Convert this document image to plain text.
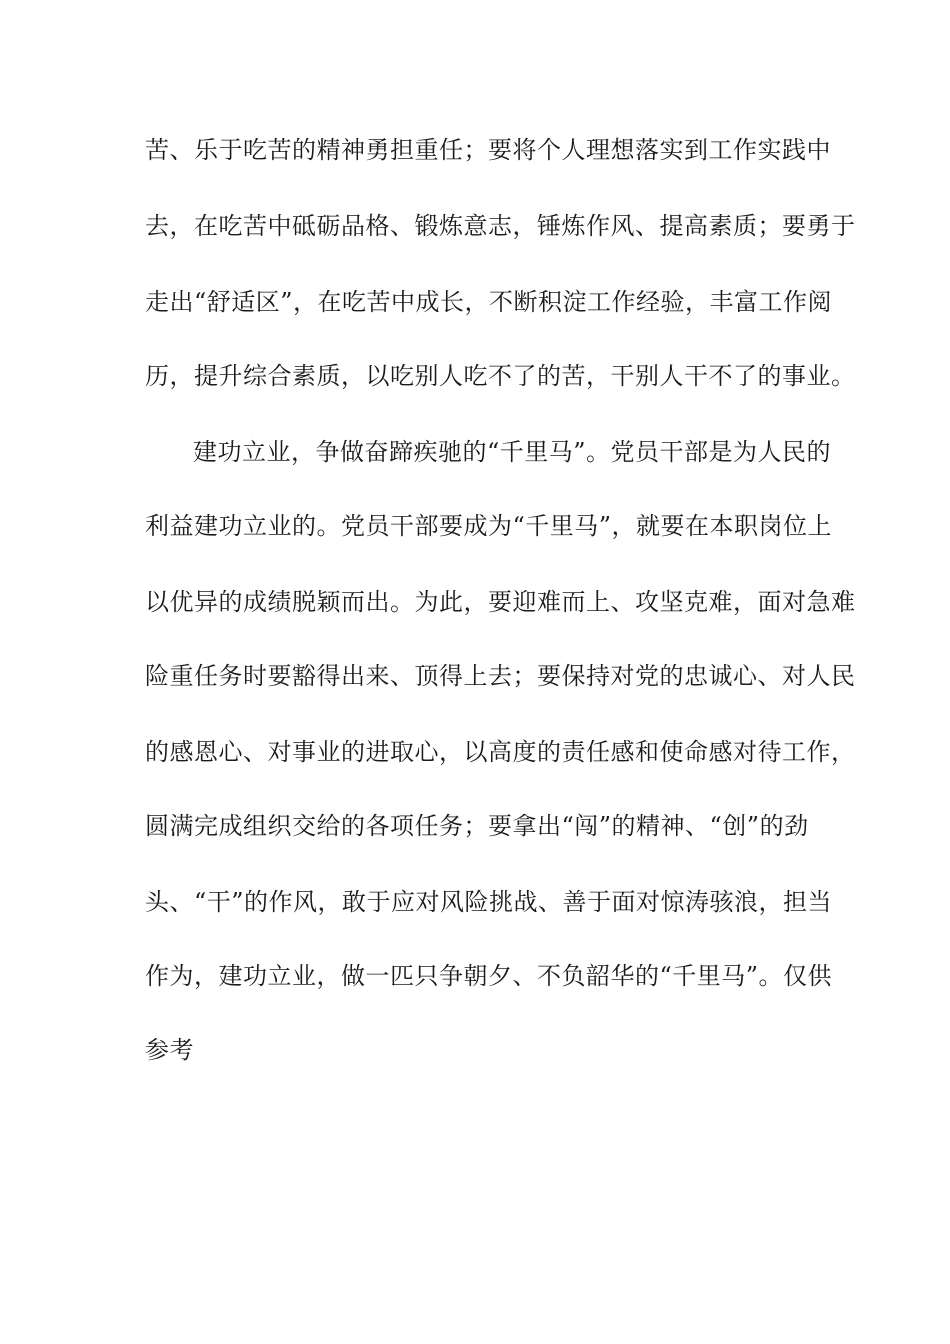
苦、乐于吃苦的精神勇担重任；要将个人理想落实到工作实践中
去，在吃苦中砥砺品格、锻炼意志，锤炼作风、提高素质；要勇于
走出“舒适区”，在吃苦中成长，不断积淀工作经验，丰富工作阅
历，提升综合素质，以吃别人吃不了的苦，干别人干不了的事业。
建功立业，争做奋蹄疾驰的“千里马”。党员干部是为人民的
利益建功立业的。党员干部要成为“千里马”，就要在本职岗位上
以优异的成绩脱颖而出。为此，要迎难而上、攻坚克难，面对急难
险重任务时要豁得出来、顶得上去；要保持对党的忠诚心、对人民
的感恩心、对事业的进取心，以高度的责任感和使命感对待工作，
圆满完成组织交给的各项任务；要拿出“闯”的精神、“创”的劲
头、“干”的作风，敢于应对风险挑战、善于面对惊涛骇浪，担当
作为，建功立业，做一匹只争朝夕、不负韶华的“千里马”。仅供
参考
